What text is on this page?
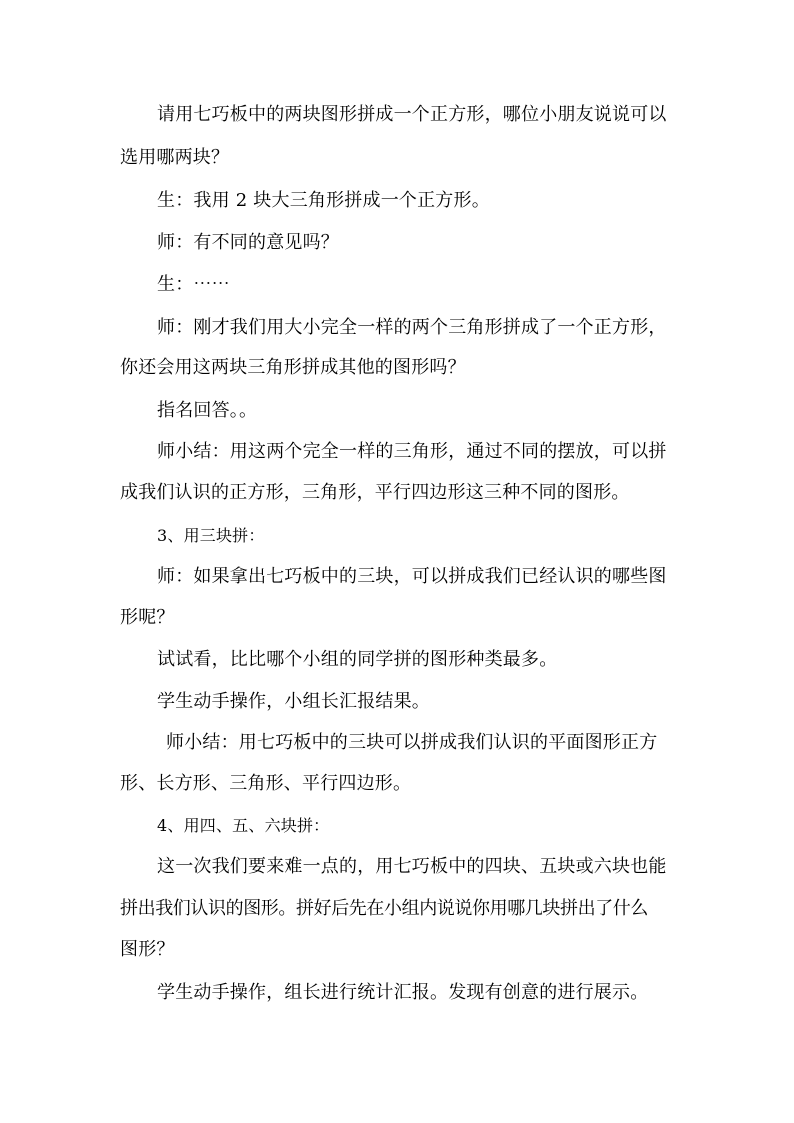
请用七巧板中的两块图形拼成一个正方形，哪位小朋友说说可以
选用哪两块？
生：我用 2 块大三角形拼成一个正方形。
师：有不同的意见吗？
生：⋯⋯
师：刚才我们用大小完全一样的两个三角形拼成了一个正方形，
你还会用这两块三角形拼成其他的图形吗？
指名回答。。
师小结：用这两个完全一样的三角形，通过不同的摆放，可以拼
成我们认识的正方形，三角形，平行四边形这三种不同的图形。
3、用三块拼：
师：如果拿出七巧板中的三块，可以拼成我们已经认识的哪些图
形呢？
试试看，比比哪个小组的同学拼的图形种类最多。
学生动手操作，小组长汇报结果。
师小结：用七巧板中的三块可以拼成我们认识的平面图形正方
形、长方形、三角形、平行四边形。
4、用四、五、六块拼：
这一次我们要来难一点的，用七巧板中的四块、五块或六块也能
拼出我们认识的图形。拼好后先在小组内说说你用哪几块拼出了什么
图形？
学生动手操作，组长进行统计汇报。发现有创意的进行展示。
